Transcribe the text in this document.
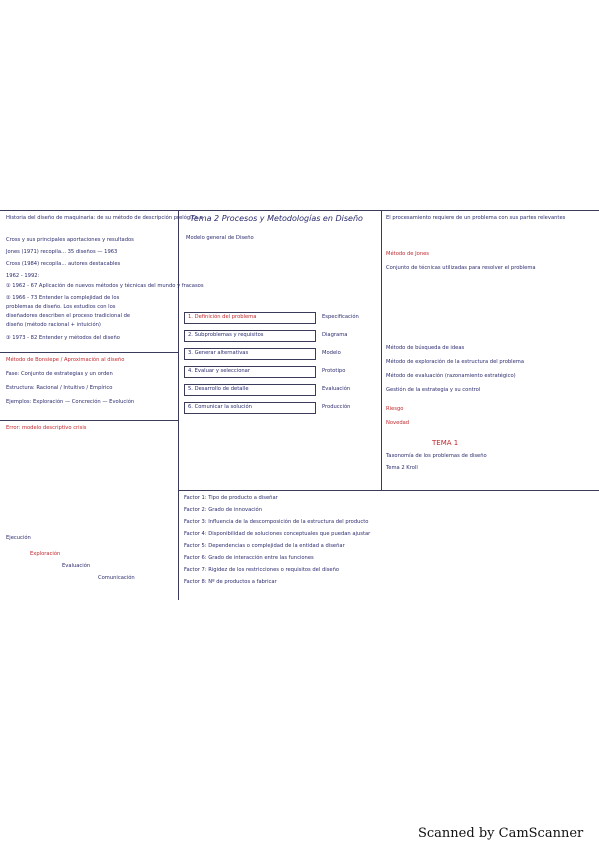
Historia del diseño de maquinaria: de su método de descripción prelógica a
Cross y sus principales aportaciones y resultados
Jones (1971) recopila... 35 diseños — 1963
Cross (1984) recopila... autores destacables
1962 - 1992:
① 1962 - 67 Aplicación de nuevos métodos y técnicas del mundo y fracasos
② 1966 - 73 Entender la complejidad de los
problemas de diseño. Los estudios con los
diseñadores describen el proceso tradicional de
diseño (método racional + intuición)
③ 1973 - 82 Entender y métodos del diseño
Método de Bonsiepe / Aproximación al diseño
Fase: Conjunto de estrategias y un orden
Estructura: Racional / Intuitivo / Empírico
Ejemplos: Exploración — Concreción — Evolución
Error: modelo descriptivo crisis
Ejecución
Exploración
Evaluación
Comunicación
Tema 2 Procesos y Metodologías en Diseño
Modelo general de Diseño
1. Definición del problema
2. Subproblemas y requisitos
3. Generar alternativas
4. Evaluar y seleccionar
5. Desarrollo de detalle
6. Comunicar la solución
Especificación
Diagrama
Modelo
Prototipo
Evaluación
Producción
El procesamiento requiere de un problema con sus partes relevantes
Método de Jones
Conjunto de técnicas utilizadas para resolver el problema
Método de búsqueda de ideas
Método de exploración de la estructura del problema
Método de evaluación (razonamiento estratégico)
Gestión de la estrategia y su control
Riesgo
Novedad
TEMA 1
Taxonomía de los problemas de diseño
Tema 2 Kroll
Factor 1: Tipo de producto a diseñar
Factor 2: Grado de innovación
Factor 3: Influencia de la descomposición de la estructura del producto
Factor 4: Disponibilidad de soluciones conceptuales que puedan ajustar
Factor 5: Dependencias o complejidad de la entidad a diseñar
Factor 6: Grado de interacción entre las funciones
Factor 7: Rigidez de los restricciones o requisitos del diseño
Factor 8: Nº de productos a fabricar
Scanned by CamScanner
